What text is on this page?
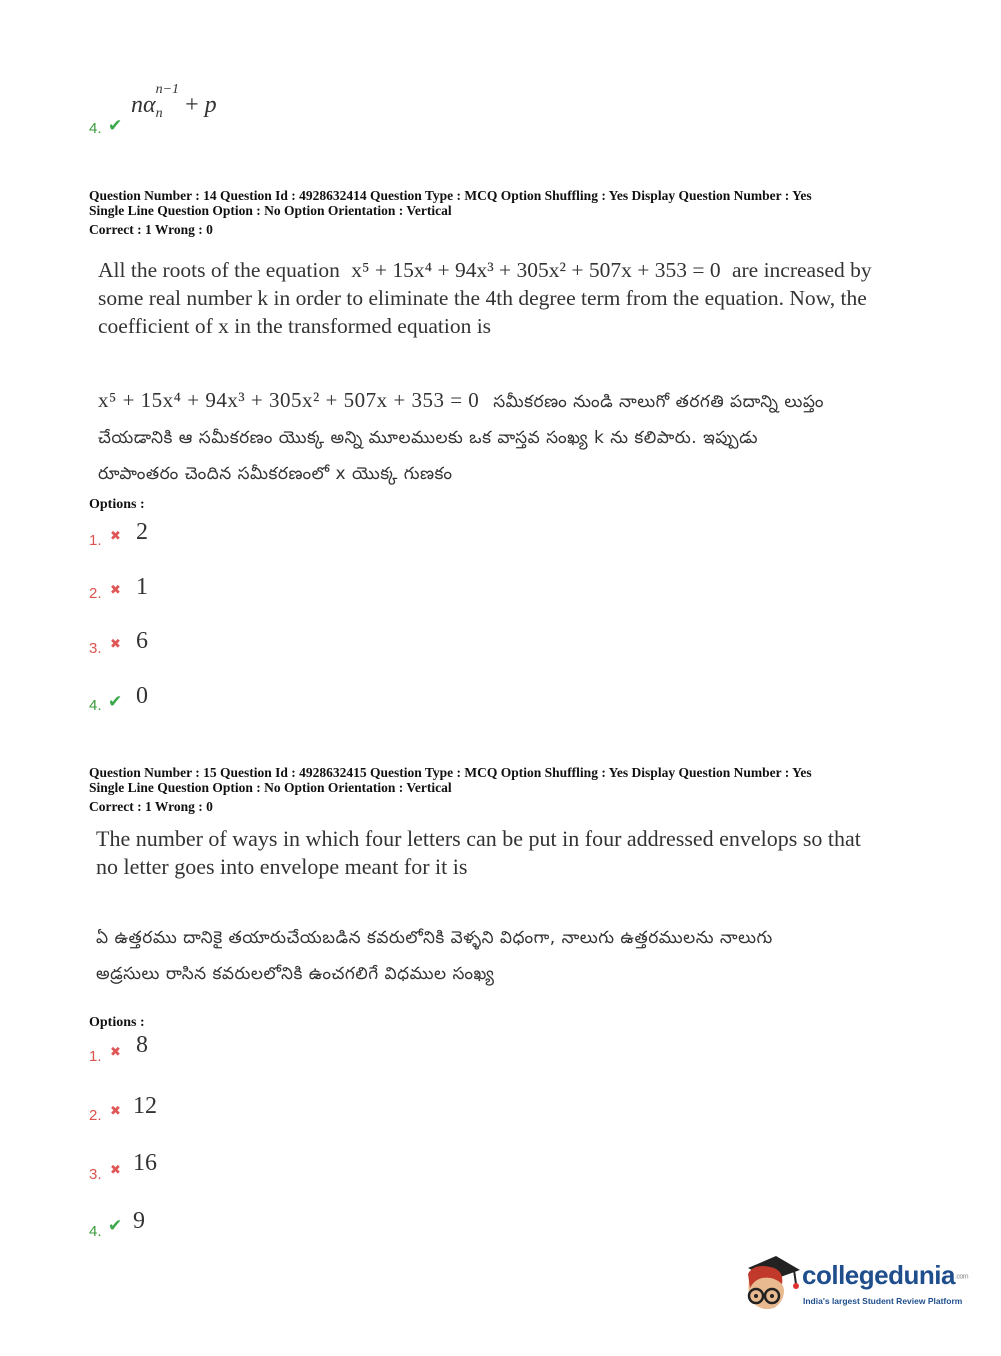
4. ✔
nα n
$^{n-1}$ + p
Question Number : 14 Question Id : 4928632414 Question Type : MCQ Option Shuffling : Yes Display Question Number : Yes
Single Line Question Option : No Option Orientation : Vertical
Correct : 1 Wrong : 0
All the roots of the equation x⁵ + 15x⁴ + 94x³ + 305x² + 507x + 353 = 0 are increased by
some real number k in order to eliminate the 4th degree term from the equation. Now, the
coefficient of x in the transformed equation is
x⁵ + 15x⁴ + 94x³ + 305x² + 507x + 353 = 0 సమీకరణం నుండి నాలుగో తరగతి పదాన్ని లుప్తం
చేయడానికి ఆ సమీకరణం యొక్క అన్ని మూలములకు ఒక వాస్తవ సంఖ్య k ను కలిపారు. ఇప్పుడు
రూపాంతరం చెందిన సమీకరణంలో x యొక్క గుణకం
Options :
1. ✖ 2
2. ✖ 1
3. ✖ 6
4. ✔ 0
Question Number : 15 Question Id : 4928632415 Question Type : MCQ Option Shuffling : Yes Display Question Number : Yes
Single Line Question Option : No Option Orientation : Vertical
Correct : 1 Wrong : 0
The number of ways in which four letters can be put in four addressed envelops so that
no letter goes into envelope meant for it is
ఏ ఉత్తరము దానికై తయారుచేయబడిన కవరులోనికి వెళ్ళని విధంగా, నాలుగు ఉత్తరములను నాలుగు
అడ్రసులు రాసిన కవరులలోనికి ఉంచగలిగే విధముల సంఖ్య
Options :
1. ✖ 8
2. ✖ 12
3. ✖ 16
4. ✔ 9
collegedunia.com
India's largest Student Review Platform
